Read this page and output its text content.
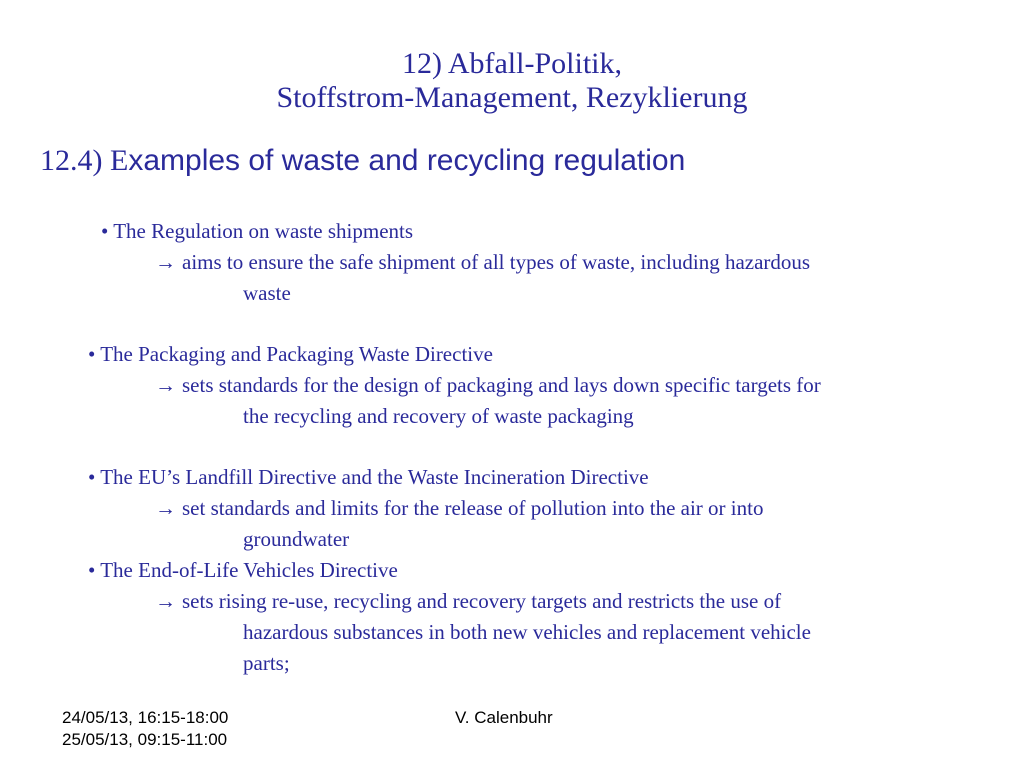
12) Abfall-Politik,
Stoffstrom-Management, Rezyklierung
12.4) Examples of waste and recycling regulation
• The Regulation on waste shipments
→ aims to ensure the safe shipment of all types of waste, including hazardous
waste
• The Packaging and Packaging Waste Directive
→ sets standards for the design of packaging and lays down specific targets for
the recycling and recovery of waste packaging
• The EU’s Landfill Directive and the Waste Incineration Directive
→ set standards and limits for the release of pollution into the air or into
groundwater
• The End-of-Life Vehicles Directive
→ sets rising re-use, recycling and recovery targets and restricts the use of
hazardous substances in both new vehicles and replacement vehicle
parts;
24/05/13, 16:15-18:00
25/05/13, 09:15-11:00
V. Calenbuhr
